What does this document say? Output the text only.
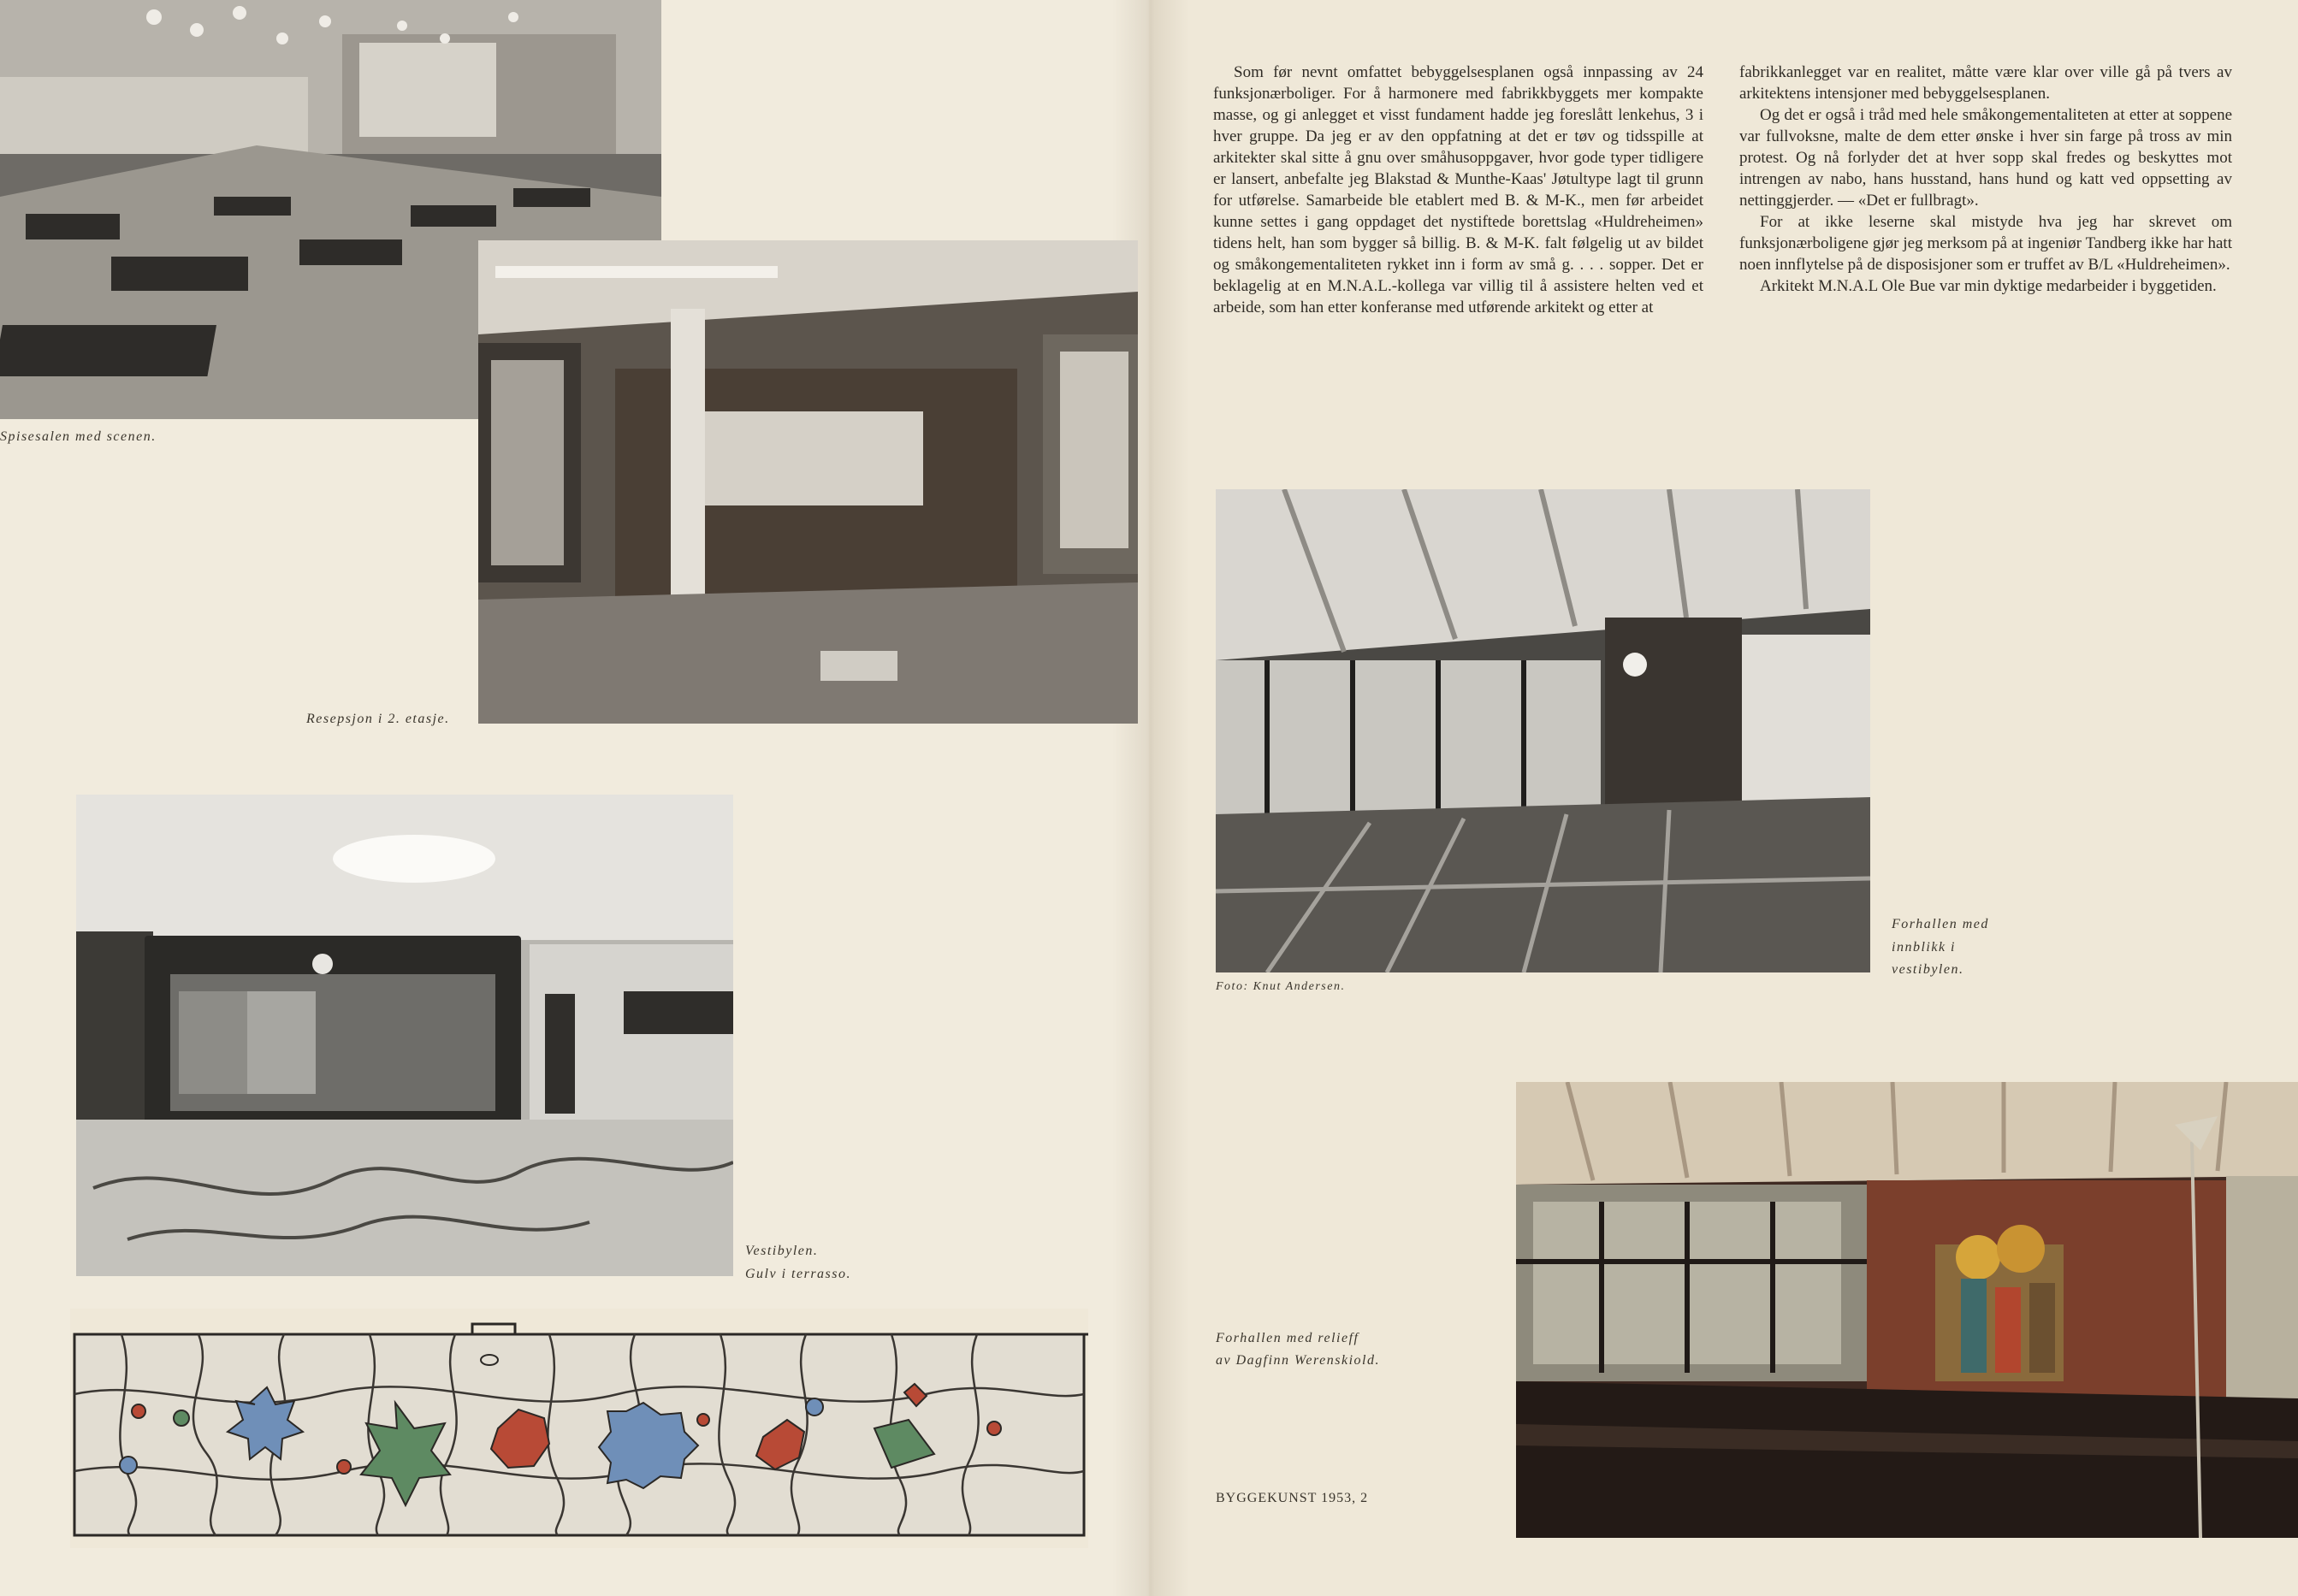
Spisesalen med scenen.
Resepsjon i 2. etasje.
Vestibylen.
Gulv i terrasso.

Som før nevnt omfattet bebyggelsesplanen også innpassing av 24 funksjonærboliger. For å harmonere med fabrikkbyggets mer kompakte masse, og gi anlegget et visst fundament hadde jeg foreslått lenkehus, 3 i hver gruppe. Da jeg er av den oppfatning at det er tøv og tidsspille at arkitekter skal sitte å gnu over småhusoppgaver, hvor gode typer tidligere er lansert, anbefalte jeg Blakstad & Munthe-Kaas' Jøtultype lagt til grunn for utførelse. Samarbeide ble etablert med B. & M-K., men før arbeidet kunne settes i gang oppdaget det nystiftede borettslag «Huldreheimen» tidens helt, han som bygger så billig. B. & M-K. falt følgelig ut av bildet og småkongementaliteten rykket inn i form av små g. . . . sopper. Det er beklagelig at en M.N.A.L.-kollega var villig til å assistere helten ved et arbeide, som han etter konferanse med utførende arkitekt og etter at

fabrikkanlegget var en realitet, måtte være klar over ville gå på tvers av arkitektens intensjoner med bebyggelsesplanen.

Og det er også i tråd med hele småkongementaliteten at etter at soppene var fullvoksne, malte de dem etter ønske i hver sin farge på tross av min protest. Og nå forlyder det at hver sopp skal fredes og beskyttes mot intrengen av nabo, hans husstand, hans hund og katt ved oppsetting av nettinggjerder. — «Det er fullbragt».

For at ikke leserne skal mistyde hva jeg har skrevet om funksjonærboligene gjør jeg merksom på at ingeniør Tandberg ikke har hatt noen innflytelse på de disposisjoner som er truffet av B/L «Huldreheimen».

Arkitekt M.N.A.L Ole Bue var min dyktige medarbeider i byggetiden.

Foto: Knut Andersen.
Forhallen med
innblikk i
vestibylen.
Forhallen med relieff
av Dagfinn Werenskiold.
BYGGEKUNST 1953, 2
